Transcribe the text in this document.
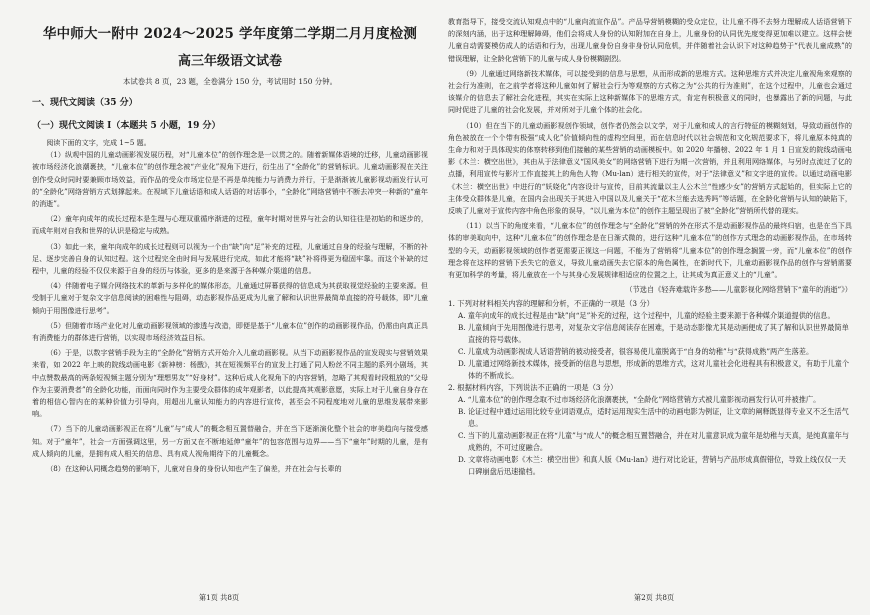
华中师大一附中 2024～2025 学年度第二学期二月月度检测
高三年级语文试卷
本试卷共 8 页，23 题，全卷满分 150 分，考试用时 150 分钟。
一、现代文阅读（35 分）
（一）现代文阅读 I（本题共 5 小题，19 分）

阅读下面的文字，完成 1~5 题。

（1）纵观中国的儿童动画影视发展历程，对“儿童本位”的创作理念是一以贯之的。随着新媒体语境的迁移，儿童动画影视被市场经济化浪潮裹挟，“儿童本位”的创作理念被“产业化”视角下进行，衍生出了“全龄化”的营销标识。儿童动画影视在关注创作受众时同时要兼顾市场效益，而作品的受众市场定位是不再是单纯能力与消费力并行，于是渐渐被儿童影视动画发行认可的“全龄化”网络营销方式划撑起来。在视域下儿童话语和成人话语的对话事小，“全龄化”网络营销中不断去冲突一种新的“童年的消逝”。

（2）童年向成年的成长过程本是生理与心理双重循序渐进的过程，童年时期对世界与社会的认知往往是初始的和逐步的，而成年则对自我和世界的认识是稳定与成熟。

（3）如此一来，童年向成年的成长过程则可以视为一个由“缺”向“足”补充的过程，儿童通过自身的经验与理解，不断的补足、逐步完善自身的认知过程。这个过程完全由时间与发展进行完成，如此才能将“缺”补将得更为稳固牢靠。而这个补缺的过程中，儿童的经验不仅仅来源于自身的经历与体验，更多的是来源于各种媒介渠道的信息。

（4）伴随着电子媒介网络技术的革新与多样化的媒体形态，儿童通过屏幕获得的信息成为其获取视觉经验的主要来源。但受制于儿童对于复杂文字信息阅读的困难性与阻碍，动态影视作品更成为儿童了解和认识世界最简单直接的符号载体，即“儿童倾向于用图像进行思考”。

（5）但随着市场产业化对儿童动画影视领域的渗透与改造，即便是基于“儿童本位”创作的动画影视作品，仍需由向真正具有消费能力的群体进行营销，以实现市场经济效益目标。

（6）于是，以数字营销手段为主的“全龄化”营销方式开始介入儿童动画影视。从当下动画影视作品的宣发现实与营销效果来看，如 2022 年上映的院线动画电影《新神榜：杨戬》，其在短视频平台的宣发上打通了同人粉丝不同主题的系列小剧场，其中点赞数最高的两条短视频主题分别为“理想男友”“好身材”。这种后成人化视角下的内容营销，忽略了其观看时段粗放的“父母作为主要消费者”的全龄化功能，而面向同时作为主要受众群体的成年观影者，以此提高其观影意愿，实际上对于儿童自身存在着的相信心智内在的某种价值力引导向，用超出儿童认知能力的内容进行宣传，甚至会不同程度地对儿童的思维发展带来影响。

（7）当下的儿童动画影视正在将“儿童”与“成人”的概念相互置替融合，并在当下逐渐演化整个社会的审美趋向与接受感知。对于“童年”，社会一方面强调这里，另一方面又在不断地延伸“童年”的包容范围与边界——当下“童年”时期的儿童，是有成人倾向的儿童，是拥有成人相关的信息、具有成人视角期待下的儿童概念。

（8）在这种认同概念趋势的影响下，儿童对自身的身份认知也产生了偏差，并在社会与长辈的

第1页 共8页

教育指导下，接受交流认知观点中的“儿童向流宣作品”。产品导营销模糊的受众定位，让儿童不得不去努力理解成人话语营销下的深刻内涵，出于这种理解障碍，他们会将成人身份的认知附加在自身上，儿童身份的认同优先度变得更加难以建立。这样会使儿童自动需要模仿成人的话语和行为，出现儿童身份自身非身份认同危机，并伴随着社会认识下对这种趋势于“代表儿童成熟”的错误理解，让全龄化营销下的儿童与成人身份模糊剧烈。

（9）儿童通过网络新技术媒体，可以接受到的信息与思想，从而形成新的思维方式。这种思维方式并决定儿童视角来观察的社会行为准则，在之前学者将这种儿童如何了解社会行为等观察的方式称之为“公共的行为准则”，在这个过程中，儿童也会通过该媒介的信息去了解社会化进程，其实在实际上这种新媒体下的思维方式，肯定有积极意义的同时，也暴露出了新的问题，与此同时促进了儿童的社会化发展，并对所对于儿童个体的社会化。

（10）但在当下的儿童动画影视创作领域，创作者仍然会以文学，对于儿童和成人的言行特征的模糊刻划，导致动画创作的角色被放在一个个带有极强“成人化”价值倾向性的虚构空间里，而在信息时代以社会规范和文化规范要求下，将儿童原本纯真的生命力和对于具体现实的体察转移到他们接触的某些营销的动画模板中。如 2020 年播榜、2022 年 1 月 1 日宣发的院线动画电影《木兰：横空出世》，其由从于法律意义“国风美女”的网络营销下进行为期一次营销，并且利用网络媒体，与另时点流过了亿的点播，利用宣传与影片工作直接其上的角色人物（Mu-lan）进行相关的宣传，对于“法律意义”和文字进的宣传。以通过动画电影《木兰：横空出世》中进行的“妖娆化”内容设计与宣传，目前其流量以主人公木兰“性感少女”的营销方式起始的，但实际上它的主体受众群体是儿童，在国内会出现关于其进入中国以及儿童关于“花木兰能去选秀吗”等话题，在全龄化营销与认知的缺陷下，反映了儿童对于宣传内容中角色形象的误导，“以儿童为本位”的创作主题呈现出了被“全龄化”营销所代替的现实。

（11）以当下的角度来看，“儿童本位”的创作理念与“全龄化”营销的外在形式不是动画影视作品的最终归宿，也是在当下具体的审美取向中，这种“儿童本位”的创作理念是在日渐式微的，进行这种“儿童本位”的创作方式理念的动画影视作品，在市场转型的今天，动画影视领域的创作者更需要正视这一问题，不能为了营销将“儿童本位”的创作理念搁置一旁，而“儿童本位”的创作理念将在这样的营销下丢失它的意义，导致儿童动画失去它原本的角色属性，在新时代下，儿童动画影视作品的创作与营销需要有更加科学的考量，将儿童放在一个与其身心发展规律相适应的位置之上，让其成为真正意义上的“儿童”。

（节选自《轻奔难载许多愁——儿童影视化网络营销下“童年的消逝”》）

1. 下列对材料相关内容的理解和分析，不正确的一项是（3 分）

A. 童年向成年的成长过程是由“缺”向“足”补充的过程，这个过程中，儿童的经验主要来源于各种媒介渠道提供的信息。

B. 儿童倾向于先用图像进行思考，对复杂文字信息阅读存在困难，于是动态影像尤其是动画便成了其了解和认识世界最简单直接的符号载体。

C. 儿童成为动画影视成人话语营销的被动接受者，很容易使儿童脱离于“自身的幼稚”与“获得成熟”两产生落差。

D. 儿童通过网络新技术媒体，接受新的信息与思想，形成新的思维方式，这对儿童社会化进程具有积极意义，有助于儿童个体的不断成长。

2. 根据材料内容，下列说法不正确的一项是（3 分）

A. “儿童本位”的创作理念取不过市场经济化浪潮裹挟，“全龄化”网络营销方式被儿童影视动画发行认可并被推广。

B. 论证过程中通过运用比较专业词语观点，适时运用现实生活中的动画电影为例证，让文章的阐释既显得专业又不乏生活气息。

C. 当下的儿童动画影视正在将“儿童”与“成人”的概念相互置替融合，并在对儿童意识成为童年是幼稚与天真，是纯真童年与成熟的，不可过度融合。

D. 文章将动画电影《木兰：横空出世》和真人版《Mu-lan》进行对比论证，营销与产品形成真假错位，导致上线仅仅一天口碑崩盘后迅速撤档。

第2页 共8页
